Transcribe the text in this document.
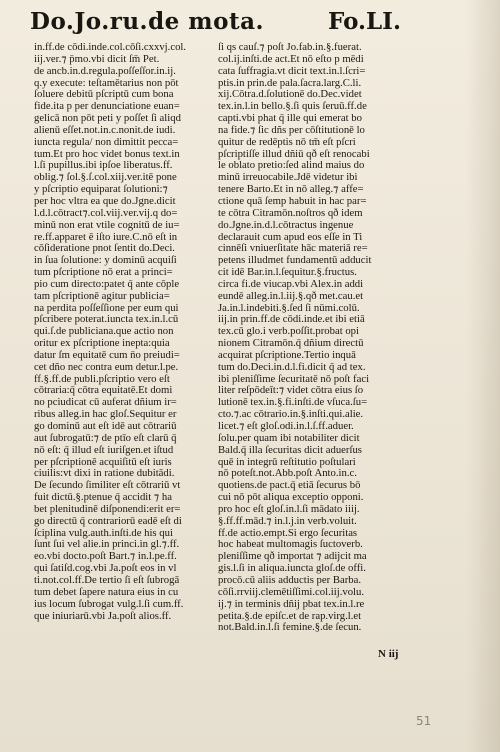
Do.Jo.ru.de mota.	Fo.LI.
in.ff.de cōdi.inde.col.cōſi.cxxvj.col.
iij.ver.⁊ p̄mo.vbi dicit ſm̄ Pet.
de ancb.in.d.regula.poſſeſſor.in.ij.
q.y execute: teſtamētarius non pōt
ſoluere debitū pſcriptū cum bona
fide.ita p per denunciatione euan=
gelicā non pōt peti y poſſet ſi aliqd
alienū eſſet.not.in.c.nonit.de iudi.
iuncta regula/ non dimittit pecca=
tum.Et pro hoc videt bonus text.in
l.ſi pupillus.ibi ipſoe liberatus.ff.
oblig.⁊ ſol.§.ſ.col.xiij.ver.itē pone
y pſcriptio equiparat ſolutioni:⁊
per hoc vltra ea que do.Jgne.dicit
l.d.l.cōtract⁊.col.viij.ver.vij.q do=
minū non erat vtile cognitū de iu=
re.ff.apparet ē iſto iure.C.nō eſt in
cōſideratione pnot ſentit do.Deci.
in ſua ſolutione: y dominū acquiſi
tum pſcriptione nō erat a princi=
pio cum directo:patet q̄ ante cōple
tam pſcriptionē agitur publicia=
na perdita poſſeſſione per eum qui
pſcribere poterat.iuncta tex.in.l.cū
qui.ſ.de publiciana.que actio non
oritur ex pſcriptione inepta:quia
datur ſm equitatē cum n̄o preiudi=
cet d̄ño nec contra eum detur.l.pe.
ff.§.ff.de publi.pſcriptio vero eſt
cōtraria:q̄ cōtra equitatē.Et domi
no pciudicat cū auferat dñium ir=
ribus alleg.in hac gloſ.Sequitur er
go dominū aut eſt idē aut cōtrariū
aut ſubrogatū:⁊ de ptīo eſt clarū q̄
nō eſt: q̄ illud eſt iuriſgen.et iſtud
per pſcriptionē acquiſitū eſt iuris
ciuilis:vt dixi in ratione dubitādi.
De ſecundo ſimiliter eſt cōtrariū vt
fuit dictū.§.ptenue q̄ accidit ⁊ ha
bet plenitudinē diſponendi:erit er=
go directū q̄ contrariorū eadē eſt di
ſciplina vulg.auth.inſti.de his qui
ſunt ſui vel alie.in princi.in gl.⁊.ff.
eo.vbi docto.poſt Bart.⁊ in.l.pe.ff.
qui ſatiſd.cog.vbi Ja.poſt eos in vl
ti.not.col.ff.De tertio ſi eſt ſubrogā
tum debet ſapere natura eius in cu
ius locum ſubrogat vulg.l.ſi cum.ff.
que iniuriarū.vbi Ja.poſt alios.ff.
ſi qs cauſ.⁊ poſt Jo.fab.in.§.fuerat.
col.ij.inſti.de act.Et nō eſto p mēdi
cata ſuffragia.vt dicit text.in.l.ſcri=
ptis.in prin.de pala.ſacra.larg.C.li.
xij.Cōtra.d.ſolutionē do.Dec.videt
tex.in.l.in bello.§.ſi quis ſeruū.ff.de
capti.vbi phat q̄ ille qui emerat bo
na fide.⁊ ſic dñs per cōſtitutionē lo
quitur de redēptis nō tm̄ eſt pſcri
pſcriptiſſe illud dñiū qð eſt renocabi
le oblato pretio:ſed alind maius do
minū irreuocabile.Jdē videtur ibi
tenere Barto.Et in nō alleg.⁊ affe=
ctione quā ſemp habuit in hac par=
te cōtra Citramōn.noſtros qð idem
do.Jgne.in.d.l.cōtractus ingenue
declarauit cum apud eos eſſe in Ti
cinnēſi vniuerſitate hāc materiā re=
petens illudmet fundamentū adducit
cit idē Bar.in.l.ſequitur.§.fructus.
circa fi.de viucap.vbi Alex.in addi
eundē alleg.in.l.iij.§.qð met.cau.et
Ja.in.l.indebiti.§.ſed ſi nūmi.colū.
iij.in prin.ff.de cōdi.inde.et ibi etiā
tex.cū glo.i verb.poſſit.probat opi
nionem Citramōn.q̄ dñium directū
acquirat pſcriptione.Tertio inquā
tum do.Deci.in.d.l.fi.dicit q̄ ad tex.
ibi pleniſſime ſecuritatē nō poſt faci
liter reſpōdeīt:⁊ videt cōtra eius ſo
lutionē tex.in.§.fi.inſti.de vſuca.ſu=
cto.⁊.ac cōtrario.in.§.inſti.qui.alie.
licet.⁊ eſt gloſ.odi.in.l.ſ.ff.aduer.
ſolu.per quam ibi notabiliter dicit
Bald.q̄ illa ſecuritas dicit aduerſus
quē in integrū reſtitutio poſtulari
nō poteſt.not.Abb.poſt Anto.in.c.
quotiens.de pact.q̄ etiā ſecurus bō
cui nō pōt aliqua exceptio opponi.
pro hoc eſt gloſ.in.l.ſi mādato iiij.
§.ff.ff.mād.⁊ in.l.j.in verb.voluit.
ff.de actio.empt.Si ergo ſecuritas
hoc habeat multomagis ſuctoverb.
pleniſſime qð importat ⁊ adijcit ma
gis.l.ſi in aliqua.iuncta gloſ.de offi.
procō.cū aliis adductis per Barba.
cōſi.rrviij.clemētiſſimi.col.iij.volu.
ij.⁊ in terminis dñij pbat tex.in.l.re
petita.§.de epiſc.et de rap.virg.l.et
not.Bald.in.l.ſi femine.§.de ſecun.
N iij
51
